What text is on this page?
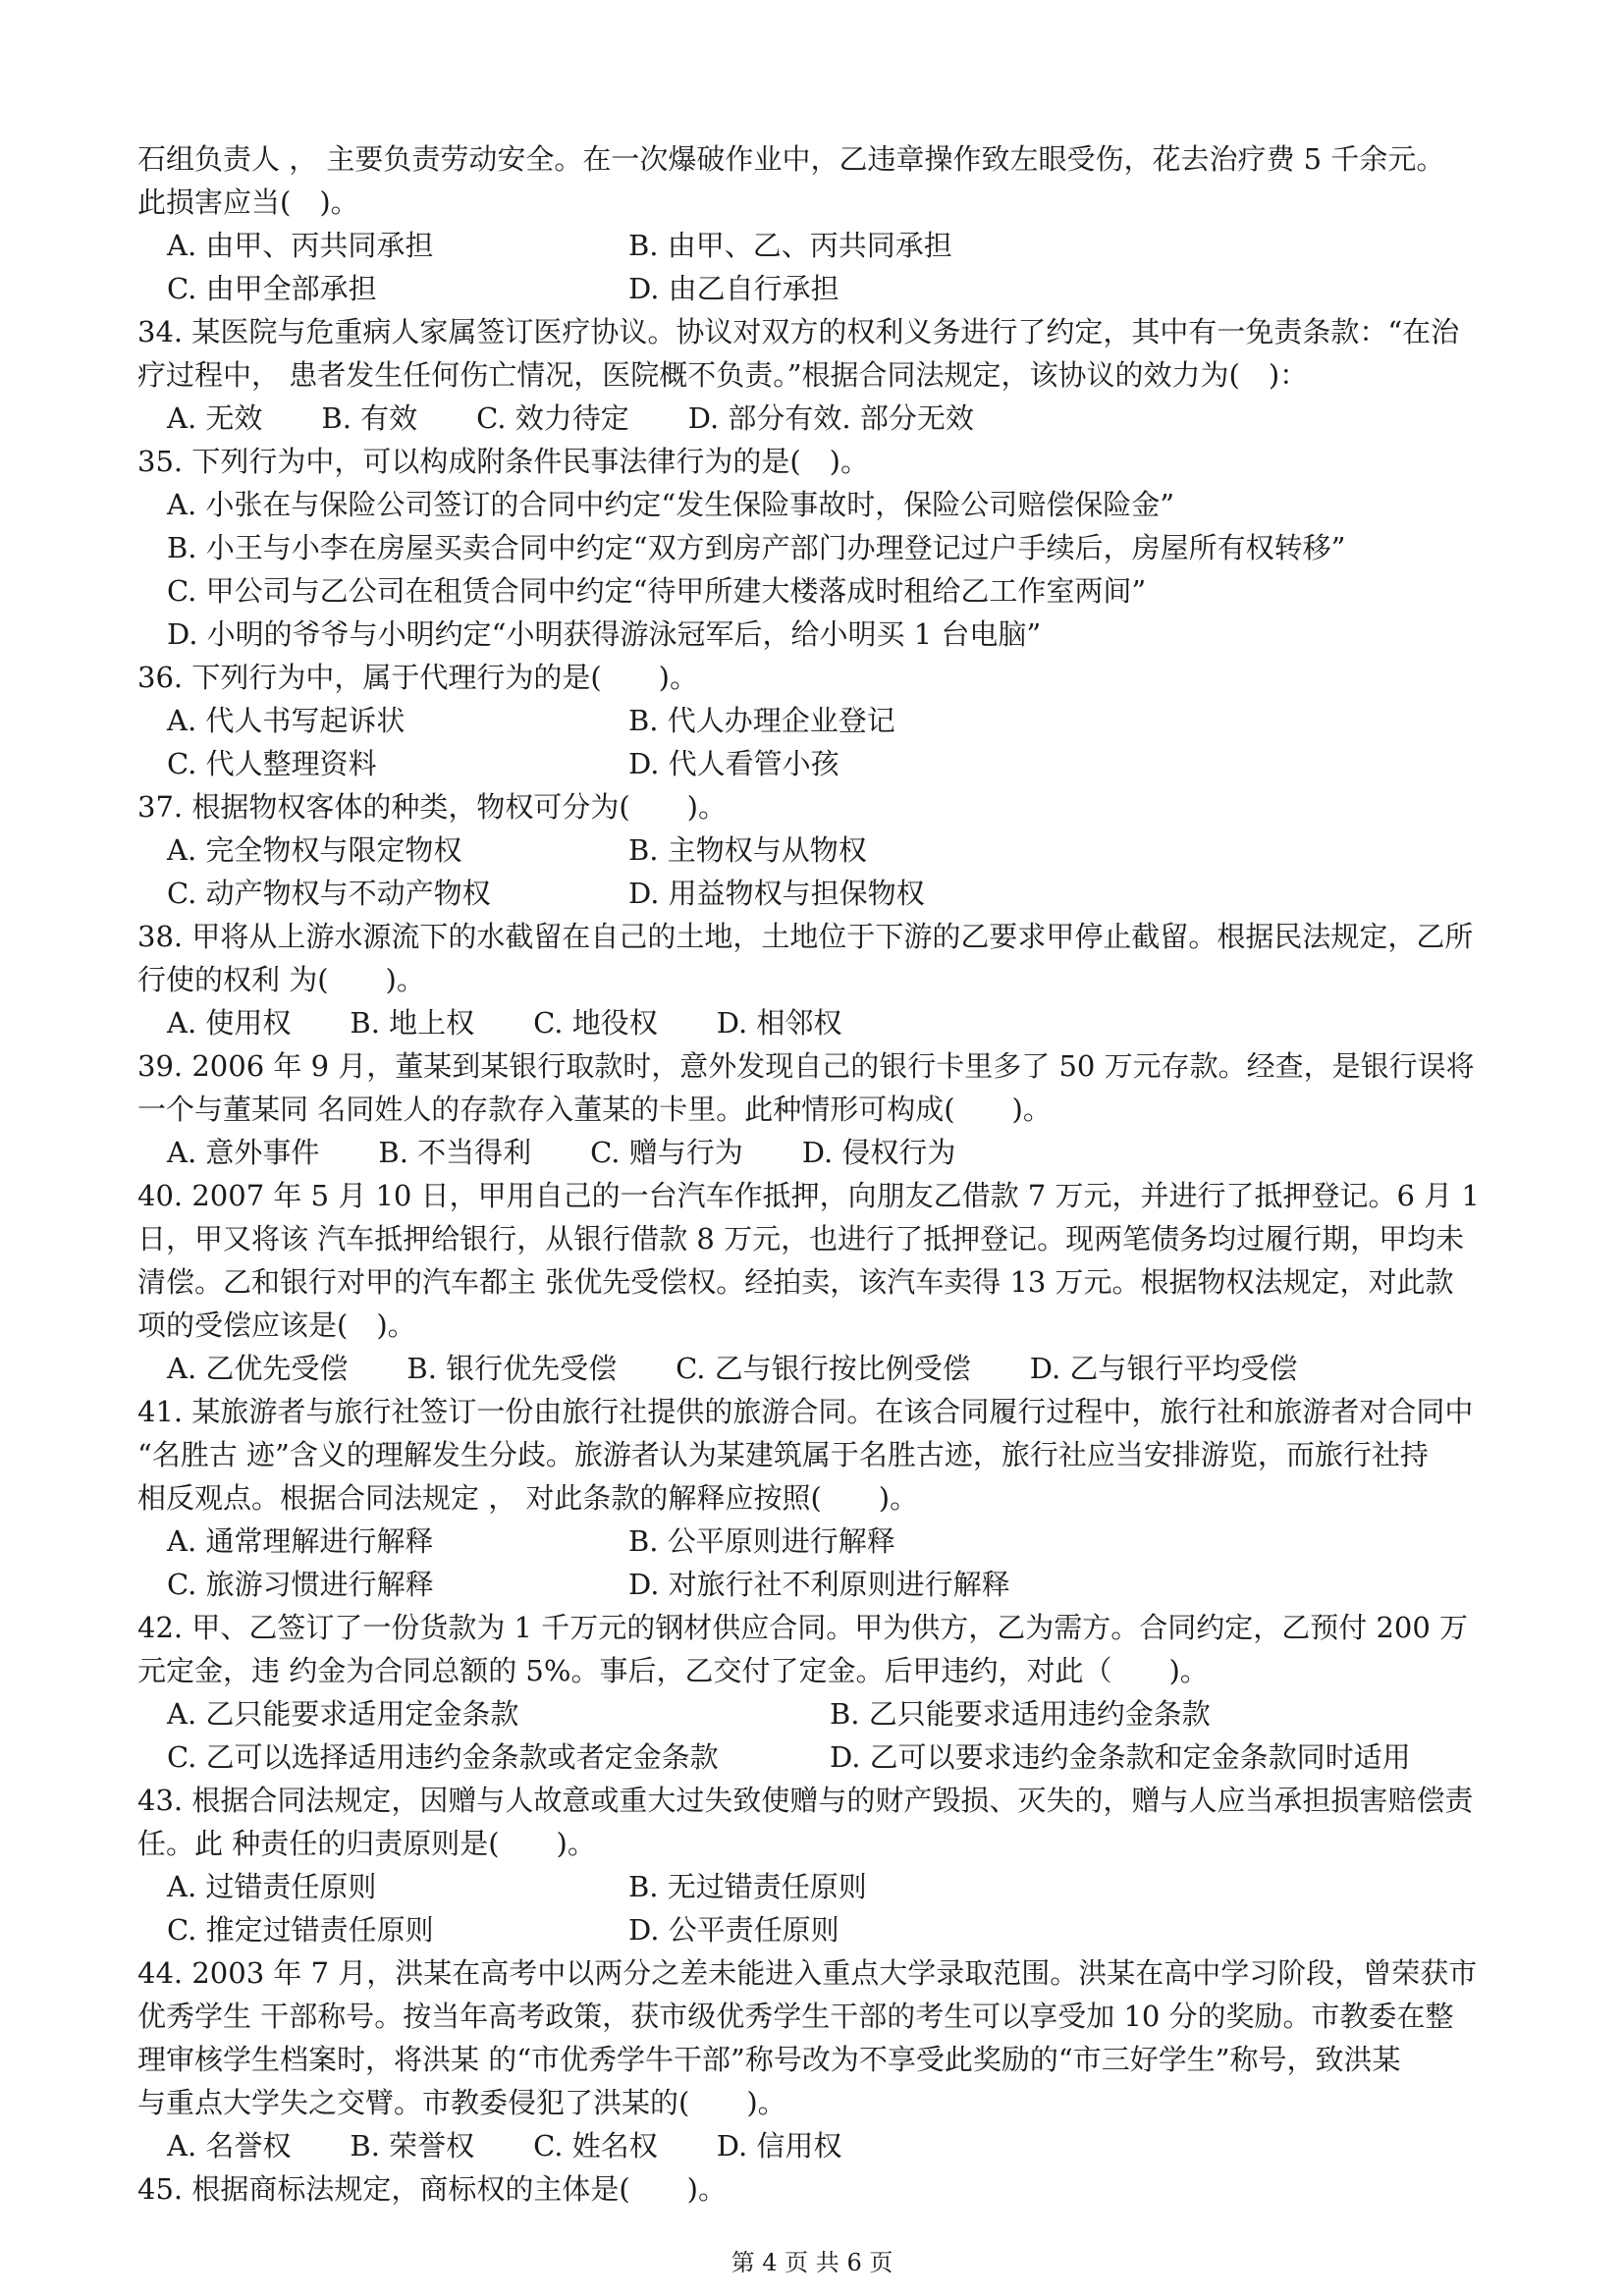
石组负责人 ， 主要负责劳动安全。在一次爆破作业中，乙违章操作致左眼受伤，花去治疗费 5 千余元。

此损害应当(　)。

A. 由甲、丙共同承担	B. 由甲、乙、丙共同承担
C. 由甲全部承担	D. 由乙自行承担

34. 某医院与危重病人家属签订医疗协议。协议对双方的权利义务进行了约定，其中有一免责条款：“在治

疗过程中， 患者发生任何伤亡情况，医院概不负责。”根据合同法规定，该协议的效力为(　)：

A. 无效 B. 有效 C. 效力待定 D. 部分有效. 部分无效

35. 下列行为中，可以构成附条件民事法律行为的是(　)。

A. 小张在与保险公司签订的合同中约定“发生保险事故时，保险公司赔偿保险金”

B. 小王与小李在房屋买卖合同中约定“双方到房产部门办理登记过户手续后，房屋所有权转移”

C. 甲公司与乙公司在租赁合同中约定“待甲所建大楼落成时租给乙工作室两间”

D. 小明的爷爷与小明约定“小明获得游泳冠军后，给小明买 1 台电脑”

36. 下列行为中，属于代理行为的是(　　)。

A. 代人书写起诉状	B. 代人办理企业登记
C. 代人整理资料	D. 代人看管小孩

37. 根据物权客体的种类，物权可分为(　　)。

A. 完全物权与限定物权	B. 主物权与从物权
C. 动产物权与不动产物权	D. 用益物权与担保物权

38. 甲将从上游水源流下的水截留在自己的土地，土地位于下游的乙要求甲停止截留。根据民法规定，乙所

行使的权利 为(　　)。

A. 使用权 B. 地上权 C. 地役权 D. 相邻权

39. 2006 年 9 月，董某到某银行取款时，意外发现自己的银行卡里多了 50 万元存款。经查，是银行误将

一个与董某同 名同姓人的存款存入董某的卡里。此种情形可构成(　　)。

A. 意外事件 B. 不当得利 C. 赠与行为 D. 侵权行为

40. 2007 年 5 月 10 日，甲用自己的一台汽车作抵押，向朋友乙借款 7 万元，并进行了抵押登记。6 月 1

日，甲又将该 汽车抵押给银行，从银行借款 8 万元，也进行了抵押登记。现两笔债务均过履行期，甲均未

清偿。乙和银行对甲的汽车都主 张优先受偿权。经拍卖，该汽车卖得 13 万元。根据物权法规定，对此款

项的受偿应该是(　)。

A. 乙优先受偿 B. 银行优先受偿 C. 乙与银行按比例受偿 D. 乙与银行平均受偿

41. 某旅游者与旅行社签订一份由旅行社提供的旅游合同。在该合同履行过程中，旅行社和旅游者对合同中

“名胜古 迹”含义的理解发生分歧。旅游者认为某建筑属于名胜古迹，旅行社应当安排游览，而旅行社持

相反观点。根据合同法规定 ， 对此条款的解释应按照(　　)。

A. 通常理解进行解释	B. 公平原则进行解释
C. 旅游习惯进行解释	D. 对旅行社不利原则进行解释

42. 甲、乙签订了一份货款为 1 千万元的钢材供应合同。甲为供方，乙为需方。合同约定，乙预付 200 万

元定金，违 约金为合同总额的 5%。事后，乙交付了定金。后甲违约，对此（　　)。

A. 乙只能要求适用定金条款	B. 乙只能要求适用违约金条款
C. 乙可以选择适用违约金条款或者定金条款	D. 乙可以要求违约金条款和定金条款同时适用

43. 根据合同法规定，因赠与人故意或重大过失致使赠与的财产毁损、灭失的，赠与人应当承担损害赔偿责

任。此 种责任的归责原则是(　　)。

A. 过错责任原则	B. 无过错责任原则
C. 推定过错责任原则	D. 公平责任原则

44. 2003 年 7 月，洪某在高考中以两分之差未能进入重点大学录取范围。洪某在高中学习阶段，曾荣获市

优秀学生 干部称号。按当年高考政策，获市级优秀学生干部的考生可以享受加 10 分的奖励。市教委在整

理审核学生档案时，将洪某 的“市优秀学牛干部”称号改为不享受此奖励的“市三好学生”称号，致洪某

与重点大学失之交臂。市教委侵犯了洪某的(　　)。

A. 名誉权 B. 荣誉权 C. 姓名权 D. 信用权

45. 根据商标法规定，商标权的主体是(　　)。

第 4 页 共 6 页
